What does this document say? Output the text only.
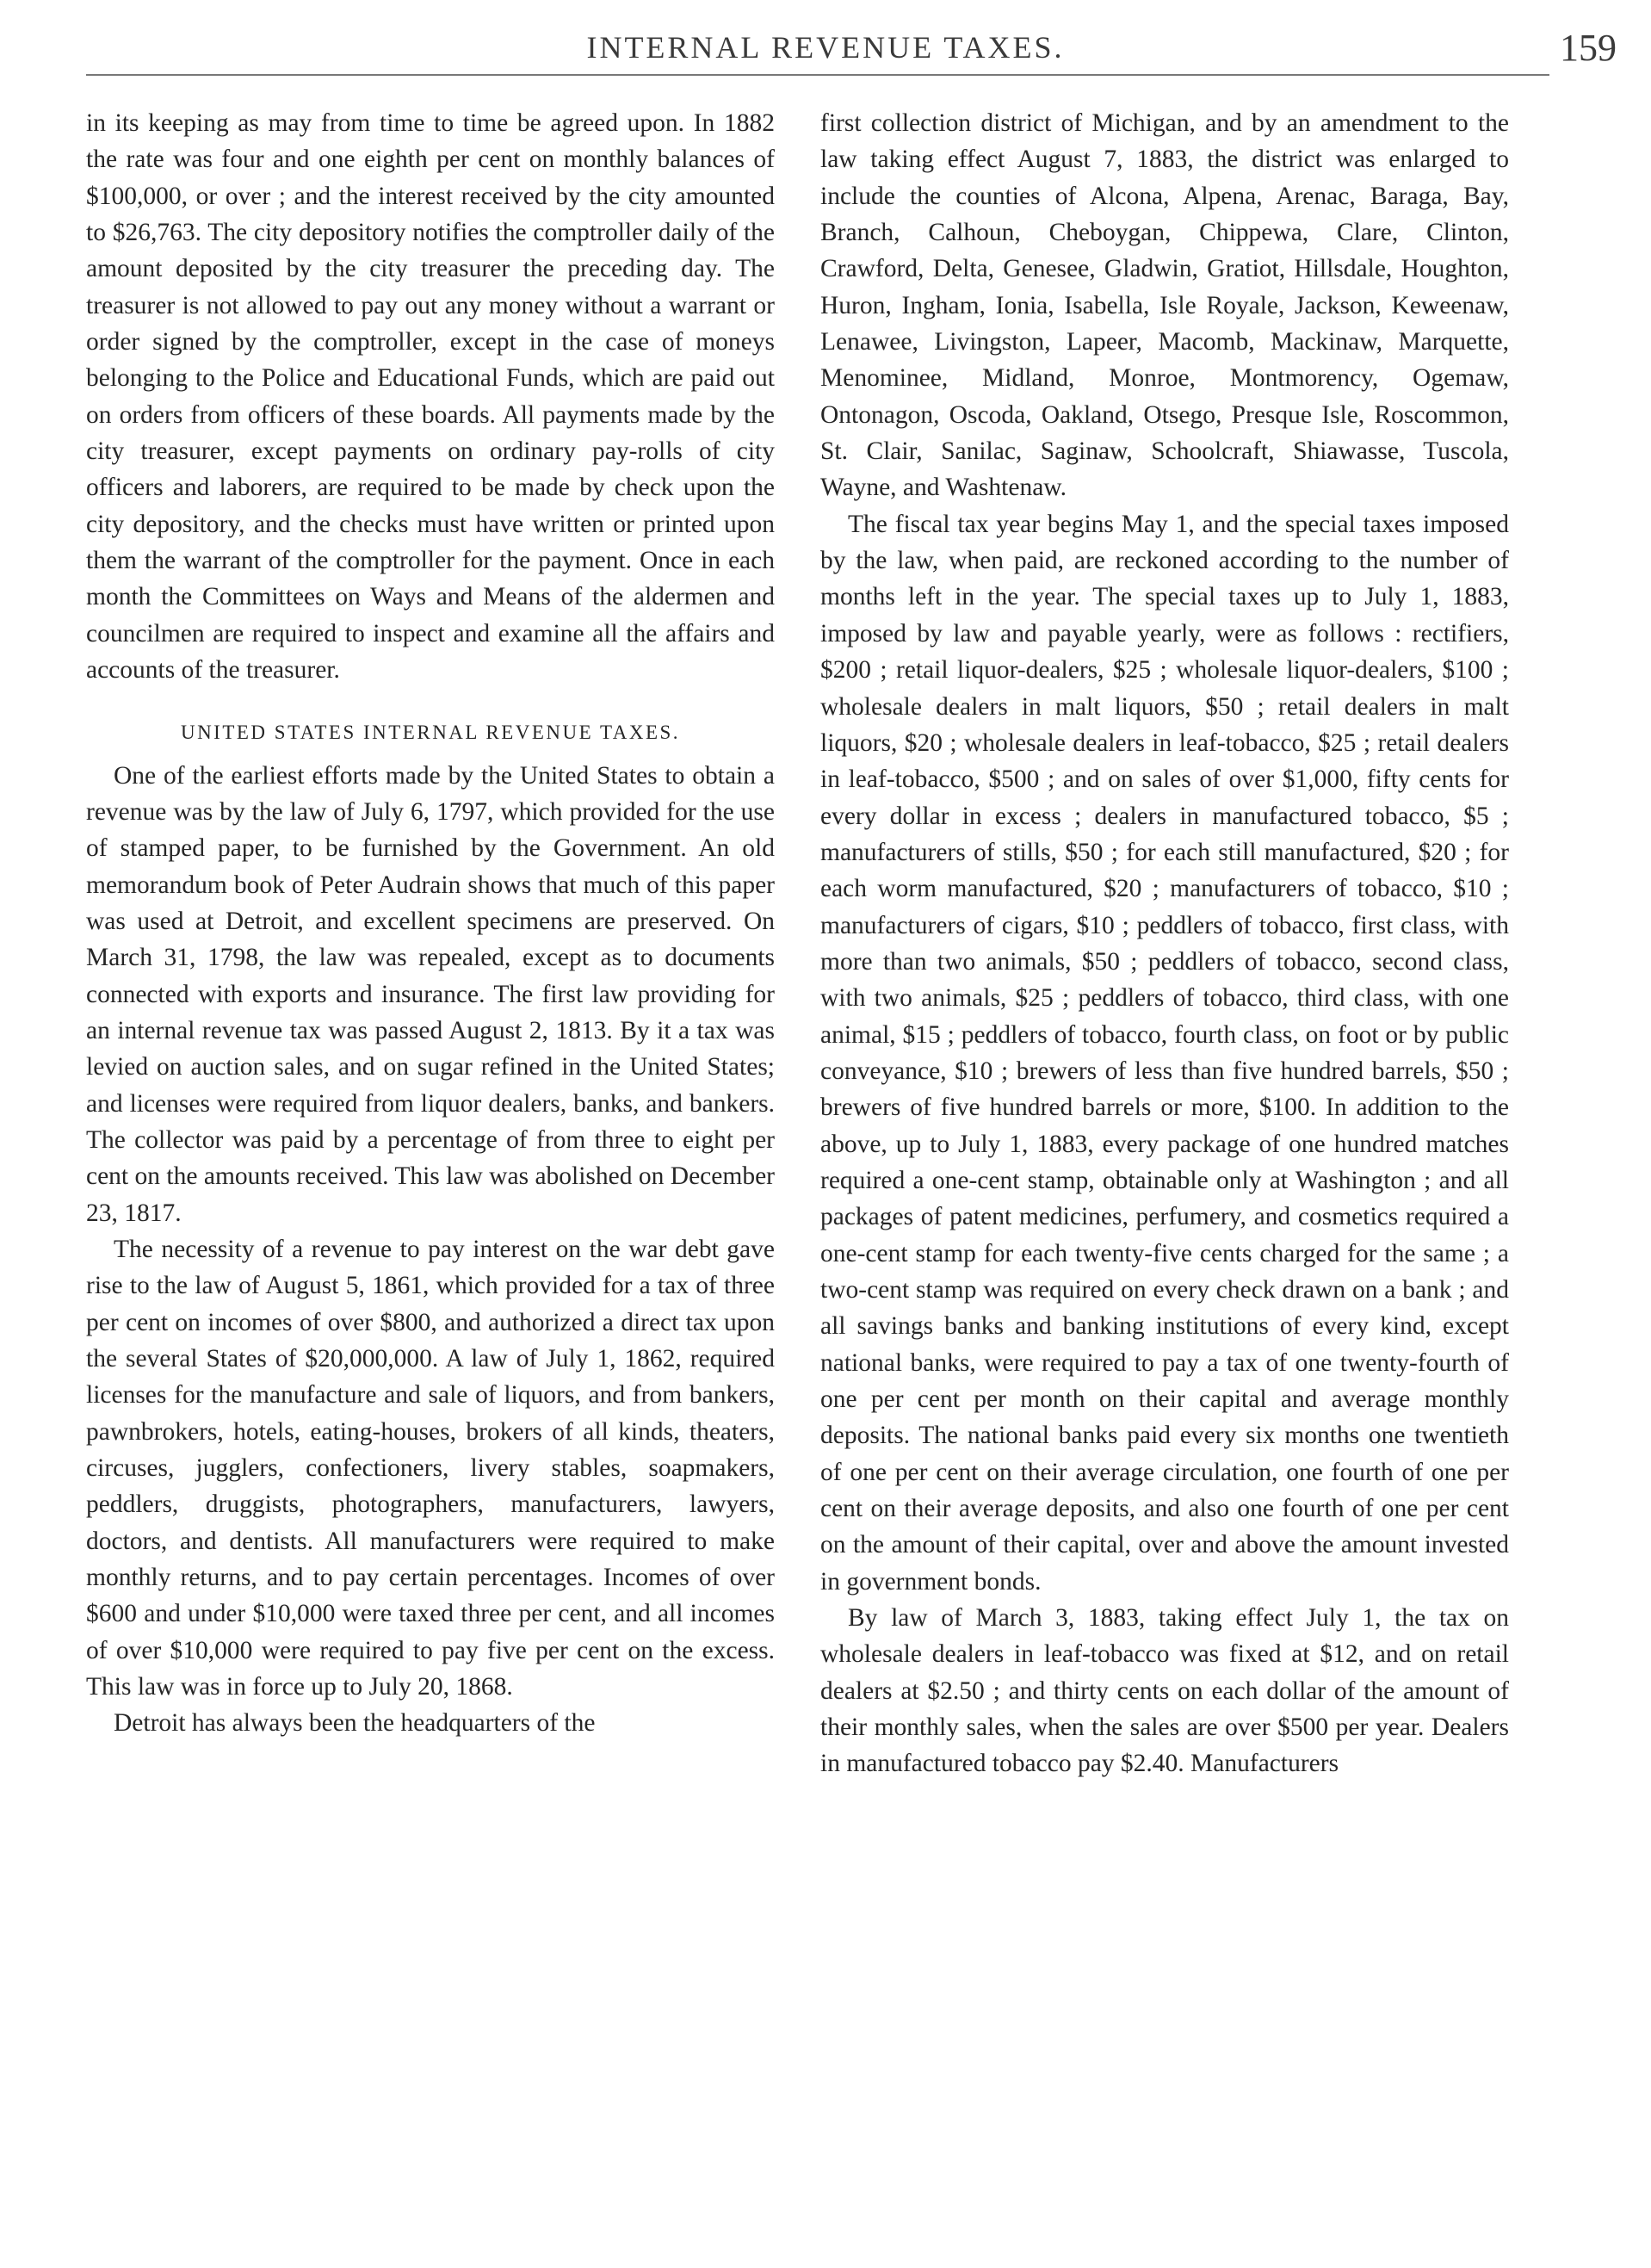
INTERNAL REVENUE TAXES.	159

in its keeping as may from time to time be agreed upon. In 1882 the rate was four and one eighth per cent on monthly balances of $100,000, or over ; and the interest received by the city amounted to $26,763. The city depository notifies the comptroller daily of the amount deposited by the city treasurer the preceding day. The treasurer is not allowed to pay out any money without a warrant or order signed by the comptroller, except in the case of moneys belonging to the Police and Educational Funds, which are paid out on orders from officers of these boards. All payments made by the city treasurer, except payments on ordinary pay-rolls of city officers and laborers, are required to be made by check upon the city depository, and the checks must have written or printed upon them the warrant of the comptroller for the payment. Once in each month the Committees on Ways and Means of the aldermen and councilmen are required to inspect and examine all the affairs and accounts of the treasurer.

UNITED STATES INTERNAL REVENUE TAXES.

One of the earliest efforts made by the United States to obtain a revenue was by the law of July 6, 1797, which provided for the use of stamped paper, to be furnished by the Government. An old memorandum book of Peter Audrain shows that much of this paper was used at Detroit, and excellent specimens are preserved. On March 31, 1798, the law was repealed, except as to documents connected with exports and insurance. The first law providing for an internal revenue tax was passed August 2, 1813. By it a tax was levied on auction sales, and on sugar refined in the United States; and licenses were required from liquor dealers, banks, and bankers. The collector was paid by a percentage of from three to eight per cent on the amounts received. This law was abolished on December 23, 1817.

The necessity of a revenue to pay interest on the war debt gave rise to the law of August 5, 1861, which provided for a tax of three per cent on incomes of over $800, and authorized a direct tax upon the several States of $20,000,000. A law of July 1, 1862, required licenses for the manufacture and sale of liquors, and from bankers, pawnbrokers, hotels, eating-houses, brokers of all kinds, theaters, circuses, jugglers, confectioners, livery stables, soapmakers, peddlers, druggists, photographers, manufacturers, lawyers, doctors, and dentists. All manufacturers were required to make monthly returns, and to pay certain percentages. Incomes of over $600 and under $10,000 were taxed three per cent, and all incomes of over $10,000 were required to pay five per cent on the excess. This law was in force up to July 20, 1868.

Detroit has always been the headquarters of the

first collection district of Michigan, and by an amendment to the law taking effect August 7, 1883, the district was enlarged to include the counties of Alcona, Alpena, Arenac, Baraga, Bay, Branch, Calhoun, Cheboygan, Chippewa, Clare, Clinton, Crawford, Delta, Genesee, Gladwin, Gratiot, Hillsdale, Houghton, Huron, Ingham, Ionia, Isabella, Isle Royale, Jackson, Keweenaw, Lenawee, Livingston, Lapeer, Macomb, Mackinaw, Marquette, Menominee, Midland, Monroe, Montmorency, Ogemaw, Ontonagon, Oscoda, Oakland, Otsego, Presque Isle, Roscommon, St. Clair, Sanilac, Saginaw, Schoolcraft, Shiawasse, Tuscola, Wayne, and Washtenaw.

The fiscal tax year begins May 1, and the special taxes imposed by the law, when paid, are reckoned according to the number of months left in the year. The special taxes up to July 1, 1883, imposed by law and payable yearly, were as follows : rectifiers, $200 ; retail liquor-dealers, $25 ; wholesale liquor-dealers, $100 ; wholesale dealers in malt liquors, $50 ; retail dealers in malt liquors, $20 ; wholesale dealers in leaf-tobacco, $25 ; retail dealers in leaf-tobacco, $500 ; and on sales of over $1,000, fifty cents for every dollar in excess ; dealers in manufactured tobacco, $5 ; manufacturers of stills, $50 ; for each still manufactured, $20 ; for each worm manufactured, $20 ; manufacturers of tobacco, $10 ; manufacturers of cigars, $10 ; peddlers of tobacco, first class, with more than two animals, $50 ; peddlers of tobacco, second class, with two animals, $25 ; peddlers of tobacco, third class, with one animal, $15 ; peddlers of tobacco, fourth class, on foot or by public conveyance, $10 ; brewers of less than five hundred barrels, $50 ; brewers of five hundred barrels or more, $100. In addition to the above, up to July 1, 1883, every package of one hundred matches required a one-cent stamp, obtainable only at Washington ; and all packages of patent medicines, perfumery, and cosmetics required a one-cent stamp for each twenty-five cents charged for the same ; a two-cent stamp was required on every check drawn on a bank ; and all savings banks and banking institutions of every kind, except national banks, were required to pay a tax of one twenty-fourth of one per cent per month on their capital and average monthly deposits. The national banks paid every six months one twentieth of one per cent on their average circulation, one fourth of one per cent on their average deposits, and also one fourth of one per cent on the amount of their capital, over and above the amount invested in government bonds.

By law of March 3, 1883, taking effect July 1, the tax on wholesale dealers in leaf-tobacco was fixed at $12, and on retail dealers at $2.50 ; and thirty cents on each dollar of the amount of their monthly sales, when the sales are over $500 per year. Dealers in manufactured tobacco pay $2.40. Manufacturers
